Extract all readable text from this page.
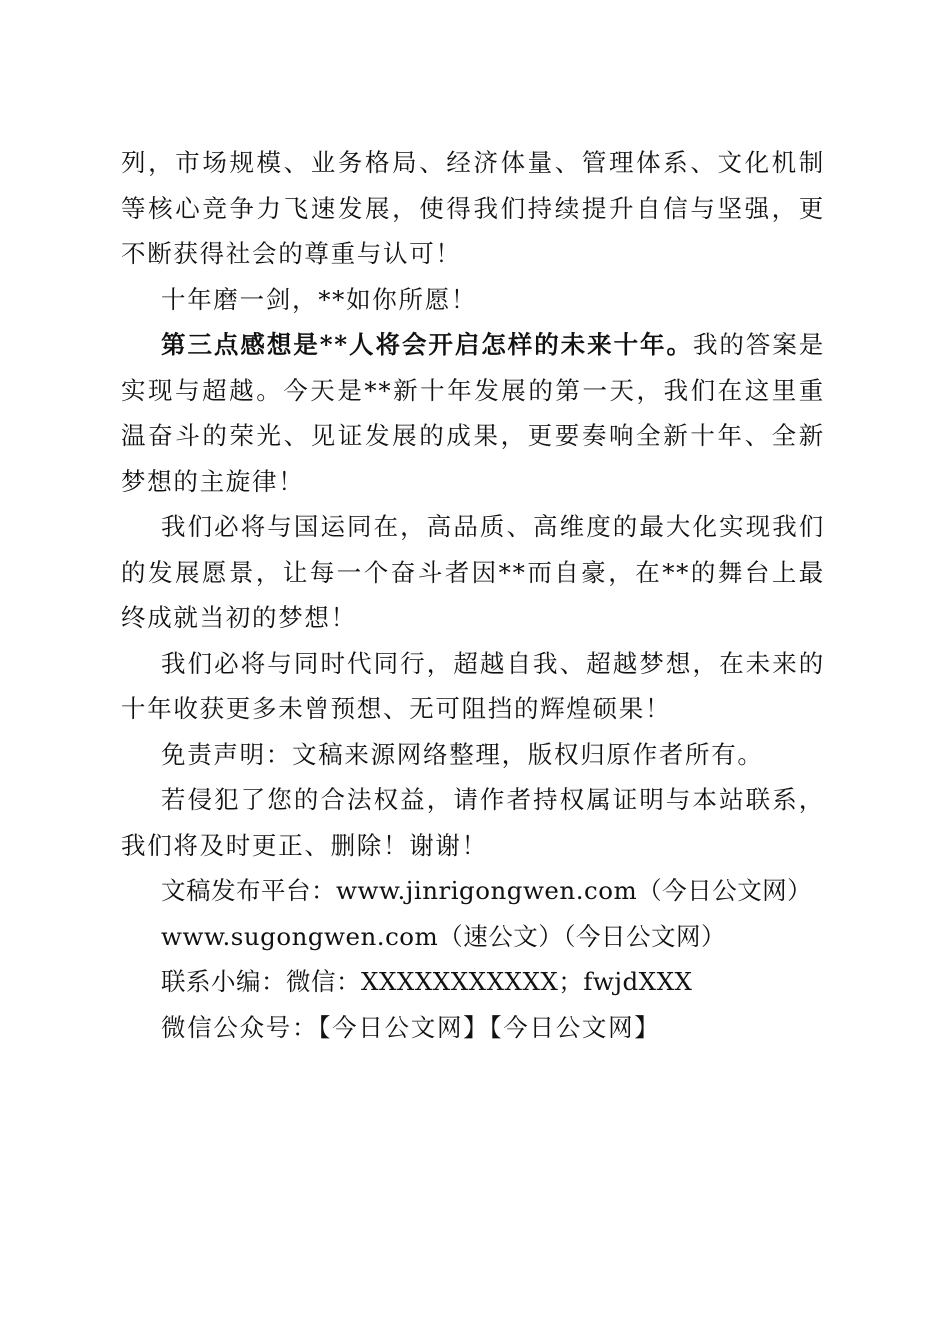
列，市场规模、业务格局、经济体量、管理体系、文化机制等核心竞争力飞速发展，使得我们持续提升自信与坚强，更不断获得社会的尊重与认可！

十年磨一剑，**如你所愿！

第三点感想是**人将会开启怎样的未来十年。我的答案是实现与超越。今天是**新十年发展的第一天，我们在这里重温奋斗的荣光、见证发展的成果，更要奏响全新十年、全新梦想的主旋律！

我们必将与国运同在，高品质、高维度的最大化实现我们的发展愿景，让每一个奋斗者因**而自豪，在**的舞台上最终成就当初的梦想！

我们必将与同时代同行，超越自我、超越梦想，在未来的十年收获更多未曾预想、无可阻挡的辉煌硕果！

免责声明：文稿来源网络整理，版权归原作者所有。

若侵犯了您的合法权益，请作者持权属证明与本站联系，我们将及时更正、删除！谢谢！

文稿发布平台：www.jinrigongwen.com（今日公文网）

www.sugongwen.com（速公文）（今日公文网）

联系小编：微信：XXXXXXXXXXX；fwjdXXX

微信公众号：【今日公文网】【今日公文网】
